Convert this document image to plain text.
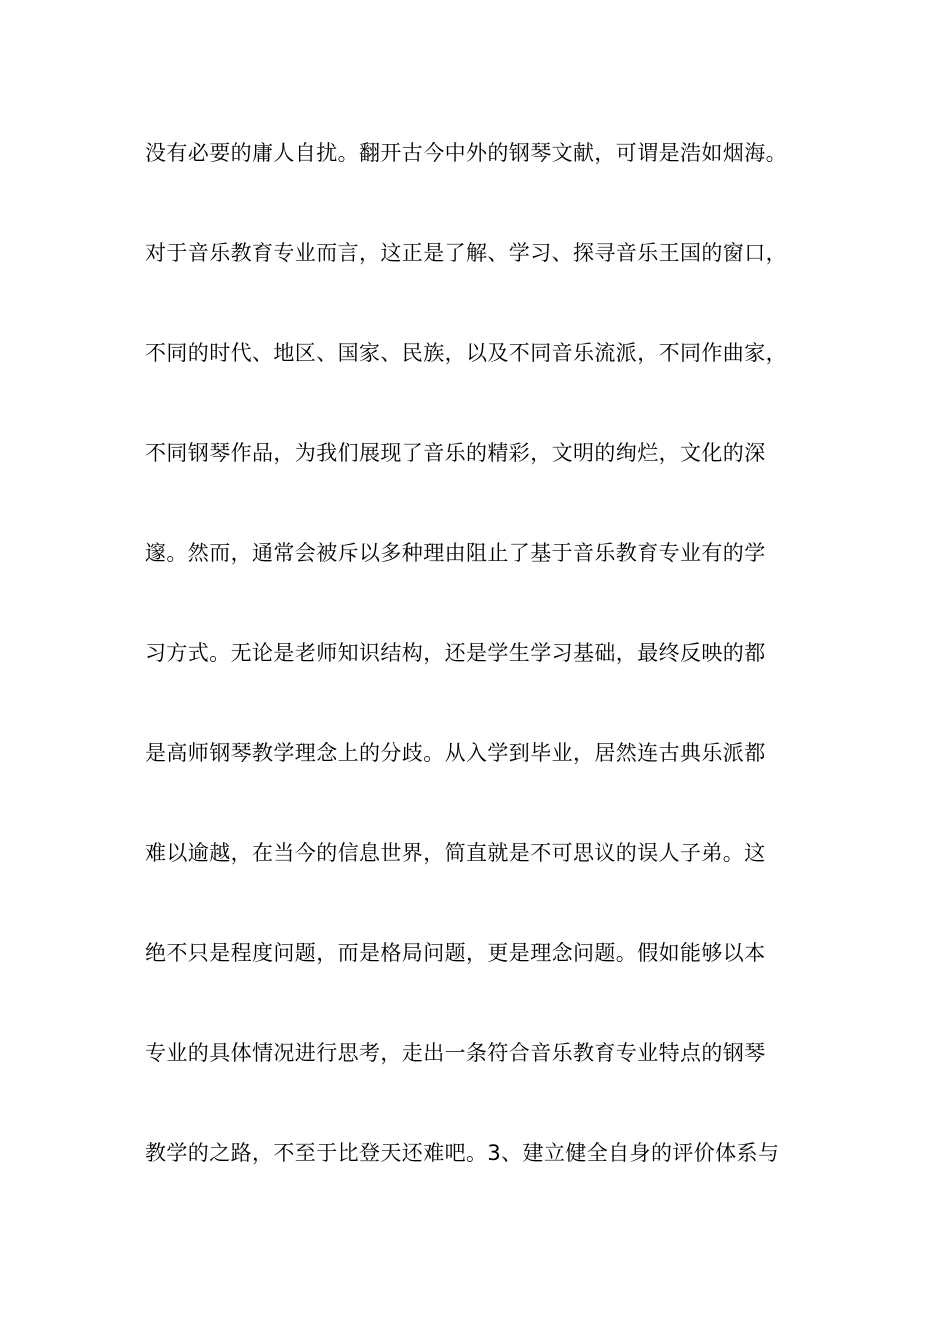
没有必要的庸人自扰。翻开古今中外的钢琴文献，可谓是浩如烟海。
对于音乐教育专业而言，这正是了解、学习、探寻音乐王国的窗口，
不同的时代、地区、国家、民族，以及不同音乐流派，不同作曲家，
不同钢琴作品，为我们展现了音乐的精彩，文明的绚烂，文化的深
邃。然而，通常会被斥以多种理由阻止了基于音乐教育专业有的学
习方式。无论是老师知识结构，还是学生学习基础，最终反映的都
是高师钢琴教学理念上的分歧。从入学到毕业，居然连古典乐派都
难以逾越，在当今的信息世界，简直就是不可思议的误人子弟。这
绝不只是程度问题，而是格局问题，更是理念问题。假如能够以本
专业的具体情况进行思考，走出一条符合音乐教育专业特点的钢琴
教学的之路，不至于比登天还难吧。3、建立健全自身的评价体系与
